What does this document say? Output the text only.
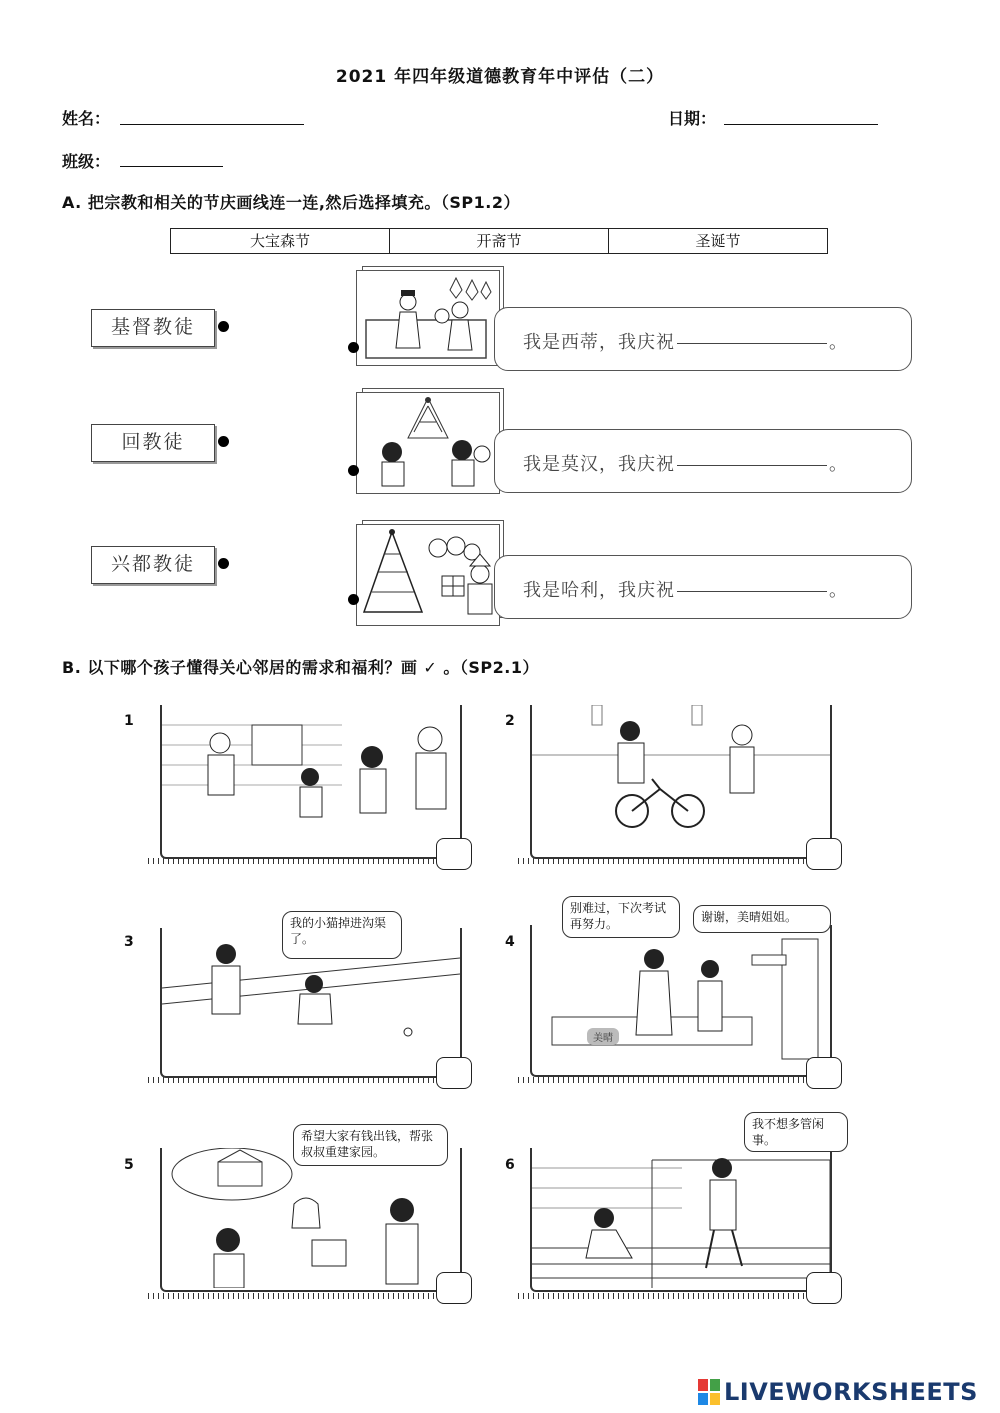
2021 年四年级道德教育年中评估（二）
姓名：	日期：
班级：
A. 把宗教和相关的节庆画线连一连,然后选择填充。（SP1.2）
大宝森节	开斋节	圣诞节
基督教徒
回教徒
兴都教徒
我是西蒂，我庆祝	。
我是莫汉，我庆祝	。
我是哈利，我庆祝	。
B. 以下哪个孩子懂得关心邻居的需求和福利？画 ✓ 。（SP2.1）
1	2
3
我的小猫掉进沟渠了。	4
别难过，下次考试再努力。	谢谢，美晴姐姐。
美晴
5
希望大家有钱出钱，帮张叔叔重建家园。
6
我不想多管闲事。
LIVEWORKSHEETS
